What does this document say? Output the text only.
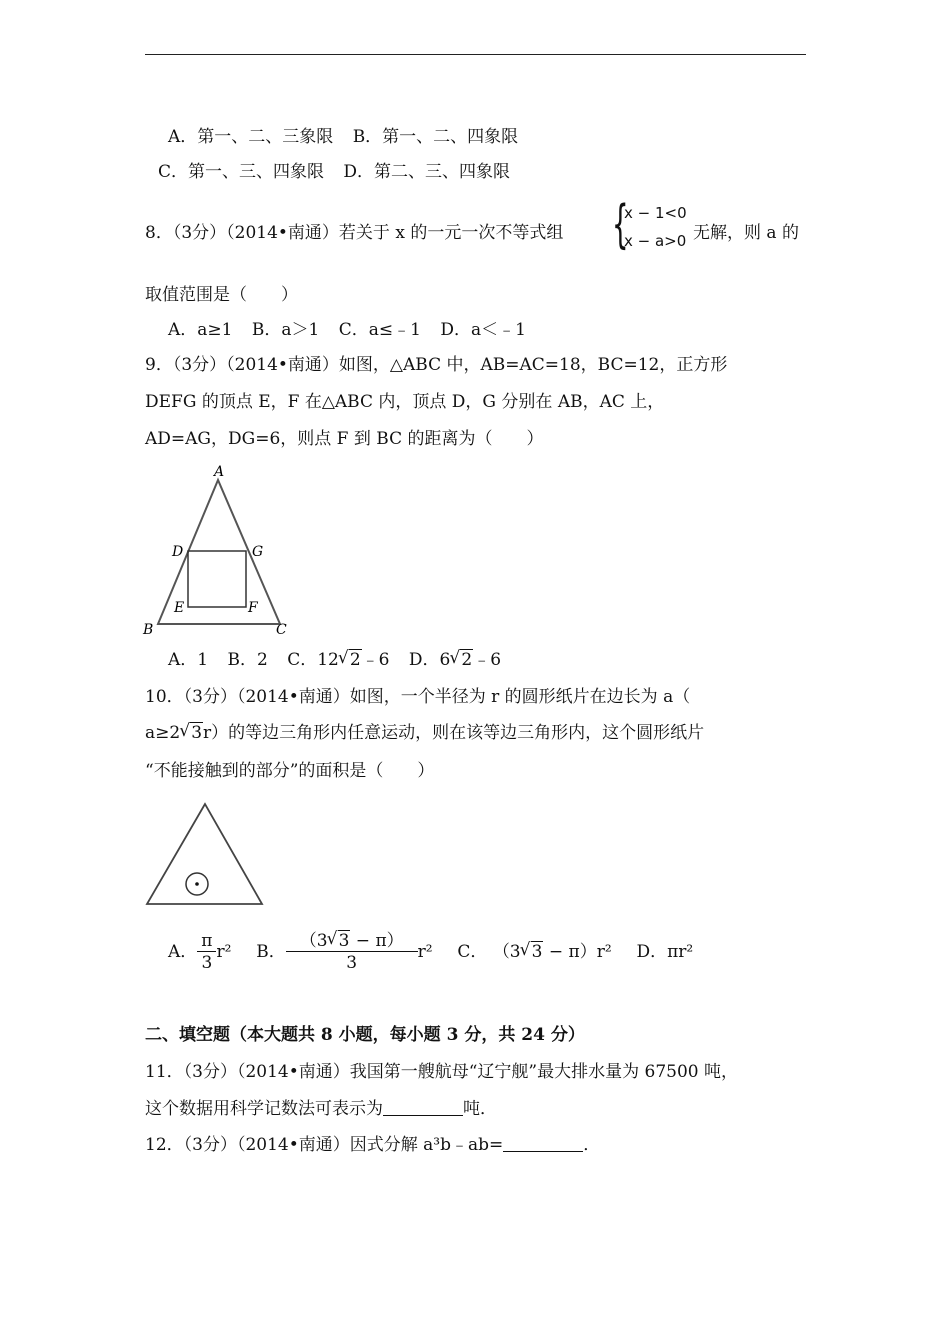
A．第一、二、三象限 B．第一、二、四象限
C．第一、三、四象限 D．第二、三、四象限
8．（3分）（2014•南通）若关于 x 的一元一次不等式组 {
x − 1<0
x − a>0 无解，则 a 的
取值范围是（　　）
A．a≥1 B．a＞1 C．a≤﹣1 D．a＜﹣1
9．（3分）（2014•南通）如图，△ABC 中，AB=AC=18，BC=12，正方形
DEFG 的顶点 E，F 在△ABC 内，顶点 D，G 分别在 AB，AC 上，
AD=AG，DG=6，则点 F 到 BC 的距离为（　　）
A
D	G
E	F
B	C
A．1 B．2 C．12 √ 2﹣6 D．6 √ 2﹣6
10．（3分）（2014•南通）如图，一个半径为 r 的圆形纸片在边长为 a（
a≥2 √ 3r）的等边三角形内任意运动，则在该等边三角形内，这个圆形纸片
“不能接触到的部分”的面积是（　　）
A． $\frac{\pi}{3} r^2$ B． $\frac{(3 √ 3 - \pi)}{3} r^2$ C． （3 √ 3 − π）r² D．πr²
二、填空题（本大题共 8 小题，每小题 3 分，共 24 分）
11．（3分）（2014•南通）我国第一艘航母“辽宁舰”最大排水量为 67500 吨，
这个数据用科学记数法可表示为	吨．
12．（3分）（2014•南通）因式分解 a³b﹣ab=	．
